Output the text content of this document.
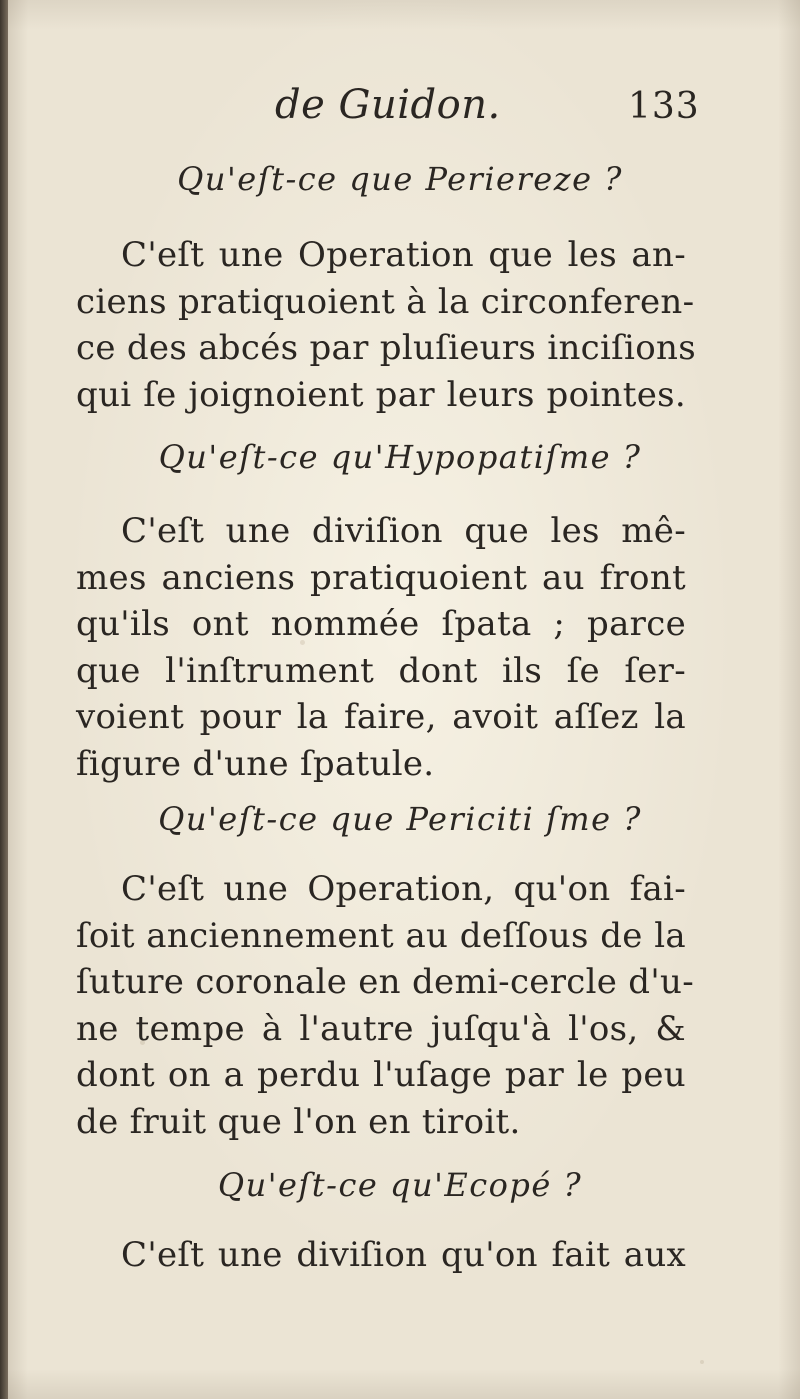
de Guidon.	133
Qu'eſt-ce que Periereze ?
C'eſt une Operation que les an-
ciens pratiquoient à la circonferen-
ce des abcés par pluſieurs inciſions
qui ſe joignoient par leurs pointes.
Qu'eſt-ce qu'Hypopatiſme ?
C'eſt une diviſion que les mê-
mes anciens pratiquoient au front
qu'ils ont nommée ſpata ; parce
que l'inſtrument dont ils ſe ſer-
voient pour la faire, avoit aſſez la
figure d'une ſpatule.
Qu'eſt-ce que Periciti ſme ?
C'eſt une Operation, qu'on fai-
ſoit anciennement au deſſous de la
ſuture coronale en demi-cercle d'u-
ne tempe à l'autre juſqu'à l'os, &
dont on a perdu l'uſage par le peu
de fruit que l'on en tiroit.
Qu'eſt-ce qu'Ecopé ?
C'eſt une diviſion qu'on fait aux
